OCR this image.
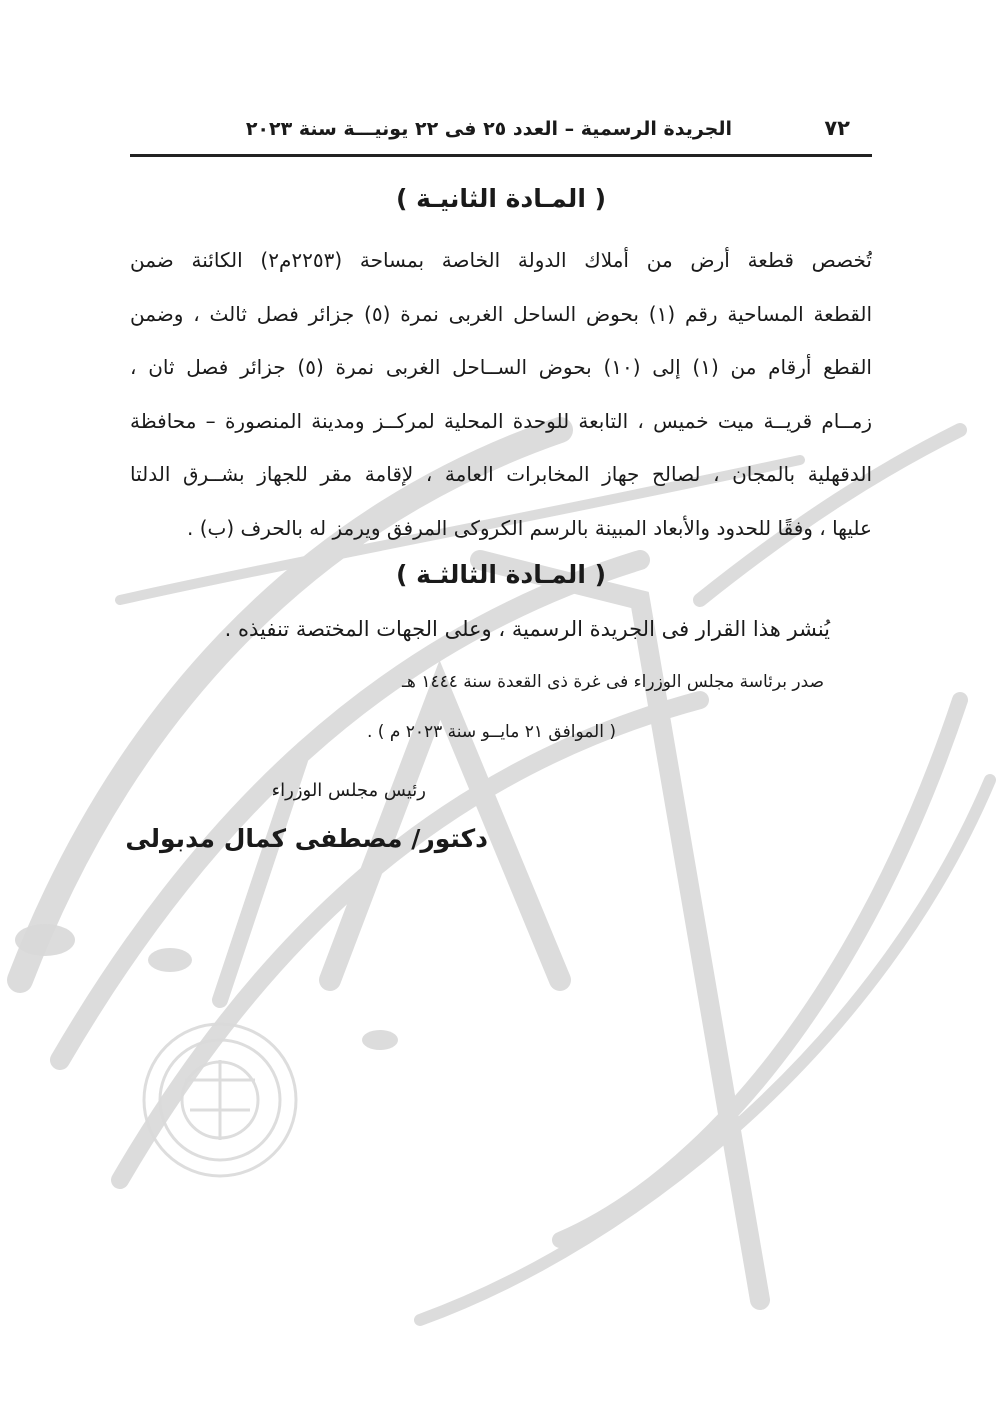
٧٢
الجريدة الرسمية – العدد ٢٥ فى ٢٢ يونيـــة سنة ٢٠٢٣
( المـادة الثانيـة )
تُخصص قطعة أرض من أملاك الدولة الخاصة بمساحة (٢٢٥٣م٢) الكائنة ضمن
القطعة المساحية رقم (١) بحوض الساحل الغربى نمرة (٥) جزائر فصل ثالث ، وضمن
القطع أرقام من (١) إلى (١٠) بحوض الســاحل الغربى نمرة (٥) جزائر فصل ثان ،
زمــام قريــة ميت خميس ، التابعة للوحدة المحلية لمركــز ومدينة المنصورة – محافظة
الدقهلية بالمجان ، لصالح جهاز المخابرات العامة ، لإقامة مقر للجهاز بشــرق الدلتا
عليها ، وفقًا للحدود والأبعاد المبينة بالرسم الكروكى المرفق ويرمز له بالحرف (ب) .
( المـادة الثالثـة )
يُنشر هذا القرار فى الجريدة الرسمية ، وعلى الجهات المختصة تنفيذه .
صدر برئاسة مجلس الوزراء فى غرة ذى القعدة سنة ١٤٤٤ هـ
( الموافق ٢١ مايــو سنة ٢٠٢٣ م ) .
رئيس مجلس الوزراء
دكتور/ مصطفى كمال مدبولى
